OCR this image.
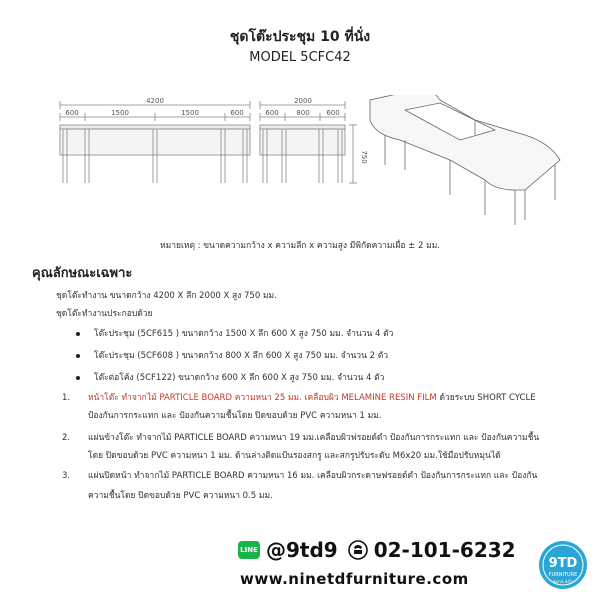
ชุดโต๊ะประชุม 10 ที่นั่ง
MODEL 5CFC42
4200
600	1500	1500	600
2000
600	800 600
750
หมายเหตุ : ขนาดความกว้าง x ความลึก x ความสูง มีพิกัดความเผื่อ ± 2 มม.
คุณลักษณะเฉพาะ
ชุดโต๊ะทำงาน ขนาดกว้าง 4200 X ลึก 2000 X สูง 750 มม.
ชุดโต๊ะทำงานประกอบด้วย
โต๊ะประชุม (5CF615 ) ขนาดกว้าง 1500 X ลึก 600 X สูง 750 มม. จำนวน 4 ตัว
โต๊ะประชุม (5CF608 ) ขนาดกว้าง 800 X ลึก 600 X สูง 750 มม. จำนวน 2 ตัว
โต๊ะต่อโค้ง (5CF122) ขนาดกว้าง 600 X ลึก 600 X สูง 750 มม. จำนวน 4 ตัว
1. หน้าโต๊ะ ทำจากไม้ PARTICLE BOARD ความหนา 25 มม. เคลือบผิว MELAMINE RESIN FILM ด้วยระบบ SHORT CYCLE
ป้องกันการกระแทก และ ป้องกันความชื้นโดย ปิดขอบด้วย PVC ความหนา 1 มม.
2. แผ่นข้างโต๊ะ ทำจากไม้ PARTICLE BOARD ความหนา 19 มม.เคลือบผิวฟรอยด์ดำ ป้องกันการกระแทก และ ป้องกันความชื้น
โดย ปิดขอบด้วย PVC ความหนา 1 มม. ด้านล่างติดแป้นรองสกรู และสกรูปรับระดับ M6x20 มม.ใช้มือปรับหมุนได้
3. แผ่นปิดหน้า ทำจากไม้ PARTICLE BOARD ความหนา 16 มม. เคลือบผิวกระดาษฟรอยด์ดำ ป้องกันการกระแทก และ ป้องกัน
ความชื้นโดย ปิดขอบด้วย PVC ความหนา 0.5 มม.
LINE @9td9 02-101-6232
www.ninetdfurniture.com
9TD
FURNITURE
ส่งง่าย ส่งไว
